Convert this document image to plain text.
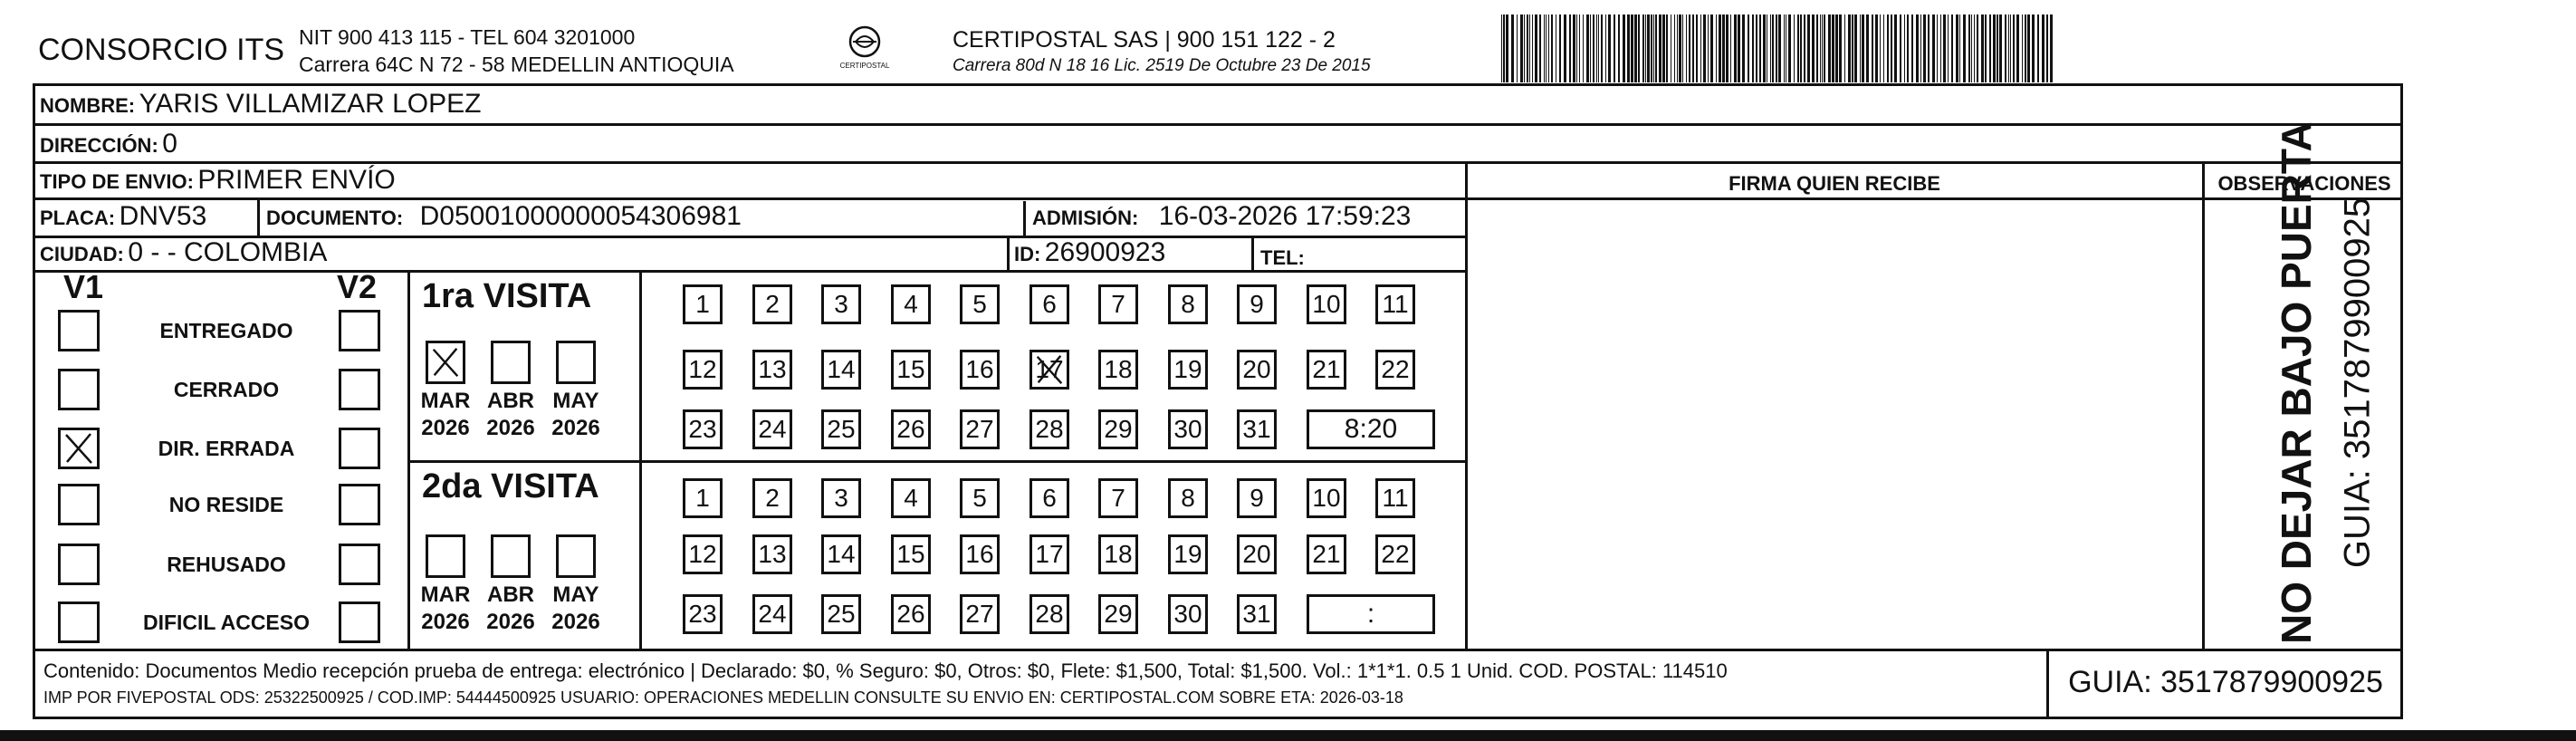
CONSORCIO ITS NIT 900 413 115 - TEL 604 3201000
Carrera 64C N 72 - 58 MEDELLIN ANTIOQUIA	CERTIPOSTAL
CERTIPOSTAL SAS | 900 151 122 - 2
Carrera 80d N 18 16 Lic. 2519 De Octubre 23 De 2015
NOMBRE: YARIS VILLAMIZAR LOPEZ
DIRECCIÓN: 0
TIPO DE ENVIO: PRIMER ENVÍO	FIRMA QUIEN RECIBE	OBSERVACIONES
PLACA: DNV53	DOCUMENTO: D05001000000054306981	ADMISIÓN: 16-03-2026 17:59:23
CIUDAD: 0 - - COLOMBIA	ID: 26900923	TEL:
V1	V2
ENTREGADO
CERRADO
DIR. ERRADA
NO RESIDE
REHUSADO
DIFICIL ACCESO
1ra VISITA
2da VISITA
MAR
2026
ABR
2026
MAY
2026
MAR
2026
ABR
2026
MAY
2026
1	2	3	4	5	6	7	8	9	10 11
12 13 14 15 16 17 18 19 20 21 22
23 24 25 26 27 28 29 30 31	8:20
1	2	3	4	5	6	7	8	9	10 11
12 13 14 15 16 17 18 19 20 21 22
23 24 25 26 27 28 29 30 31	:
Contenido: Documentos Medio recepción prueba de entrega: electrónico | Declarado: $0, % Seguro: $0, Otros: $0, Flete: $1,500, Total: $1,500. Vol.: 1*1*1. 0.5 1 Unid. COD. POSTAL: 114510
IMP POR FIVEPOSTAL ODS: 25322500925 / COD.IMP: 54444500925 USUARIO: OPERACIONES MEDELLIN CONSULTE SU ENVIO EN: CERTIPOSTAL.COM SOBRE ETA: 2026-03-18	GUIA: 3517879900925
NO DEJAR BAJO PUERTA GUIA: 3517879900925
